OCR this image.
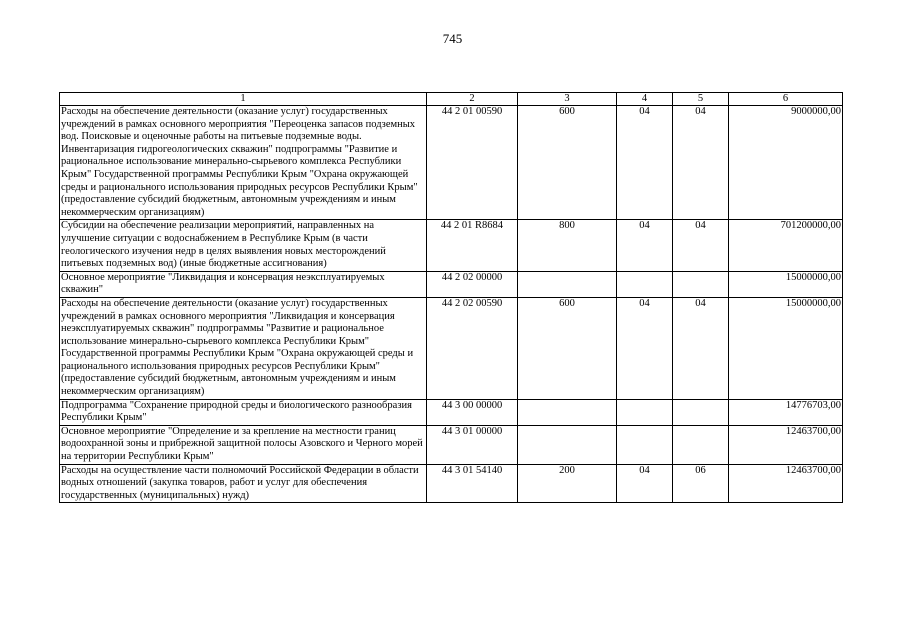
745
1	2	3	4	5	6
Расходы на обеспечение деятельности (оказание услуг) государственных учреждений в рамках основного мероприятия "Переоценка запасов подземных вод. Поисковые и оценочные работы на питьевые подземные воды. Инвентаризация гидрогеологических скважин" подпрограммы "Развитие и рациональное использование минерально-сырьевого комплекса Республики Крым" Государственной программы Республики Крым "Охрана окружающей среды и рационального использования природных ресурсов Республики Крым" (предоставление субсидий бюджетным, автономным учреждениям и иным некоммерческим организациям)	44 2 01 00590	600	04	04	9000000,00
Субсидии на обеспечение реализации мероприятий, направленных на улучшение ситуации с водоснабжением в Республике Крым (в части геологического изучения недр в целях выявления новых месторождений питьевых подземных вод) (иные бюджетные ассигнования)	44 2 01 R8684	800	04	04	701200000,00
Основное мероприятие "Ликвидация и консервация неэксплуатируемых скважин"	44 2 02 00000				15000000,00
Расходы на обеспечение деятельности (оказание услуг) государственных учреждений в рамках основного мероприятия "Ликвидация и консервация неэксплуатируемых скважин" подпрограммы "Развитие и рациональное использование минерально-сырьевого комплекса Республики Крым" Государственной программы Республики Крым "Охрана окружающей среды и рационального использования природных ресурсов Республики Крым" (предоставление субсидий бюджетным, автономным учреждениям и иным некоммерческим организациям)	44 2 02 00590	600	04	04	15000000,00
Подпрограмма "Сохранение природной среды и биологического разнообразия Республики Крым"	44 3 00 00000				14776703,00
Основное мероприятие "Определение и за крепление на местности границ водоохранной зоны и прибрежной защитной полосы Азовского и Черного морей на территории Республики Крым"	44 3 01 00000				12463700,00
Расходы на осуществление части полномочий Российской Федерации в области водных отношений (закупка товаров, работ и услуг для обеспечения государственных (муниципальных) нужд)	44 3 01 54140	200	04	06	12463700,00
